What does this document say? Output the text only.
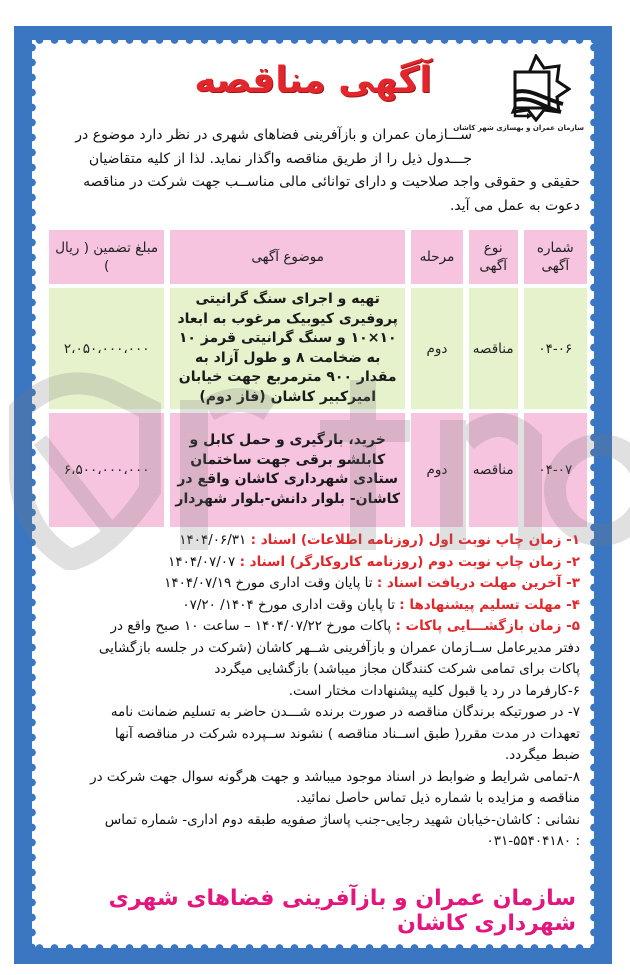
سازمان عمران و بهسازی شهر کاشان
آگهی مناقصه
ســـازمان عمران و بازآفرینی فضاهای شهری در نظر دارد موضوع در
جـــدول ذیل را از طریق مناقصه واگذار نماید. لذا از کلیه متقاضیان
حقیقی و حقوقی واجد صلاحیت و دارای توانائی مالی مناســب جهت شرکت در مناقصه
دعوت به عمل می آید.
شماره آگهی	نوع آگهی	مرحله	موضوع آگهی	مبلغ تضمین ( ریال )
۰۴-۰۶	مناقصه	دوم	تهیه و اجرای سنگ گرانیتی پروفیری کیوبیک مرغوب به ابعاد ۱۰×۱۰ و سنگ گرانیتی قرمز ۱۰ به ضخامت ۸ و طول آزاد به مقدار ۹۰۰ مترمربع جهت خیابان امیرکبیر کاشان (فاز دوم)	۲،۰۵۰،۰۰۰،۰۰۰
۰۴-۰۷	مناقصه	دوم	خرید، بارگیری و حمل کابل و کابلشو برقی جهت ساختمان ستادی شهرداری کاشان واقع در کاشان- بلوار دانش-بلوار شهردار	۶،۵۰۰،۰۰۰،۰۰۰
۱- زمان چاپ نوبت اول (روزنامه اطلاعات) اسناد : ۱۴۰۴/۰۶/۳۱
۲- زمان چاپ نوبت دوم (روزنامه کاروکارگر) اسناد : ۱۴۰۴/۰۷/۰۷
۳- آخرین مهلت دریافت اسناد : تا پایان وقت اداری مورخ ۱۴۰۴/۰۷/۱۹
۴- مهلت تسلیم پیشنهادها : تا پایان وقت اداری مورخ ۱۴۰۴/ ۰۷/۲۰
۵- زمان بازگشـــایی پاکات : پاکات مورخ ۱۴۰۴/۰۷/۲۲ – ساعت ۱۰ صبح واقع در
دفتر مدیرعامل ســازمان عمران و بازآفرینی شــهر کاشان (شرکت در جلسه بازگشایی
پاکات برای تمامی شرکت کنندگان مجاز میباشد) بازگشایی میگردد
۶-کارفرما در رد یا قبول کلیه پیشنهادات مختار است.
۷- در صورتیکه برندگان مناقصه در صورت برنده شـــدن حاضر به تسلیم ضمانت نامه
تعهدات در مدت مقرر( طبق اســناد مناقصه ) نشوند ســپرده شرکت در مناقصه آنها
ضبط میگردد.
۸-تمامی شرایط و ضوابط در اسناد موجود میباشد و جهت هرگونه سوال جهت شرکت در
مناقصه و مزایده با شماره ذیل تماس حاصل نمائید.
نشانی : کاشان-خیابان شهید رجایی-جنب پاساژ صفویه طبقه دوم اداری- شماره تماس
: ۰۳۱-۵۵۴۰۴۱۸۰
سازمان عمران و بازآفرینی فضاهای شهری شهرداری کاشان
